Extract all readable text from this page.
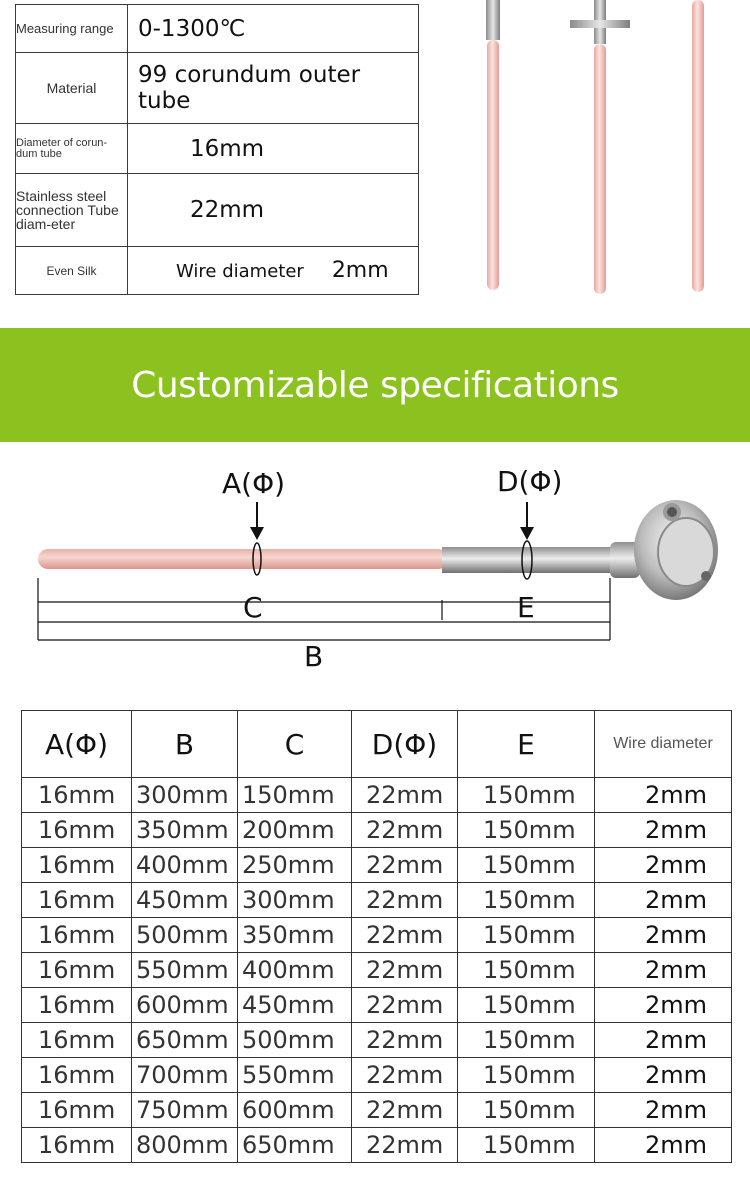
Measuring range	0-1300℃
Material	99 corundum outer tube
Diameter of corun- dum tube	16mm
Stainless steel connection Tube diam-eter	22mm
Even Silk	Wire diameter 2mm
Customizable specifications
A(Φ)	D(Φ)
C	E
B
A(Φ)	B	C	D(Φ)	E	Wire diameter
16mm	300mm	150mm	22mm	150mm	2mm
16mm	350mm	200mm	22mm	150mm	2mm
16mm	400mm	250mm	22mm	150mm	2mm
16mm	450mm	300mm	22mm	150mm	2mm
16mm	500mm	350mm	22mm	150mm	2mm
16mm	550mm	400mm	22mm	150mm	2mm
16mm	600mm	450mm	22mm	150mm	2mm
16mm	650mm	500mm	22mm	150mm	2mm
16mm	700mm	550mm	22mm	150mm	2mm
16mm	750mm	600mm	22mm	150mm	2mm
16mm	800mm	650mm	22mm	150mm	2mm
